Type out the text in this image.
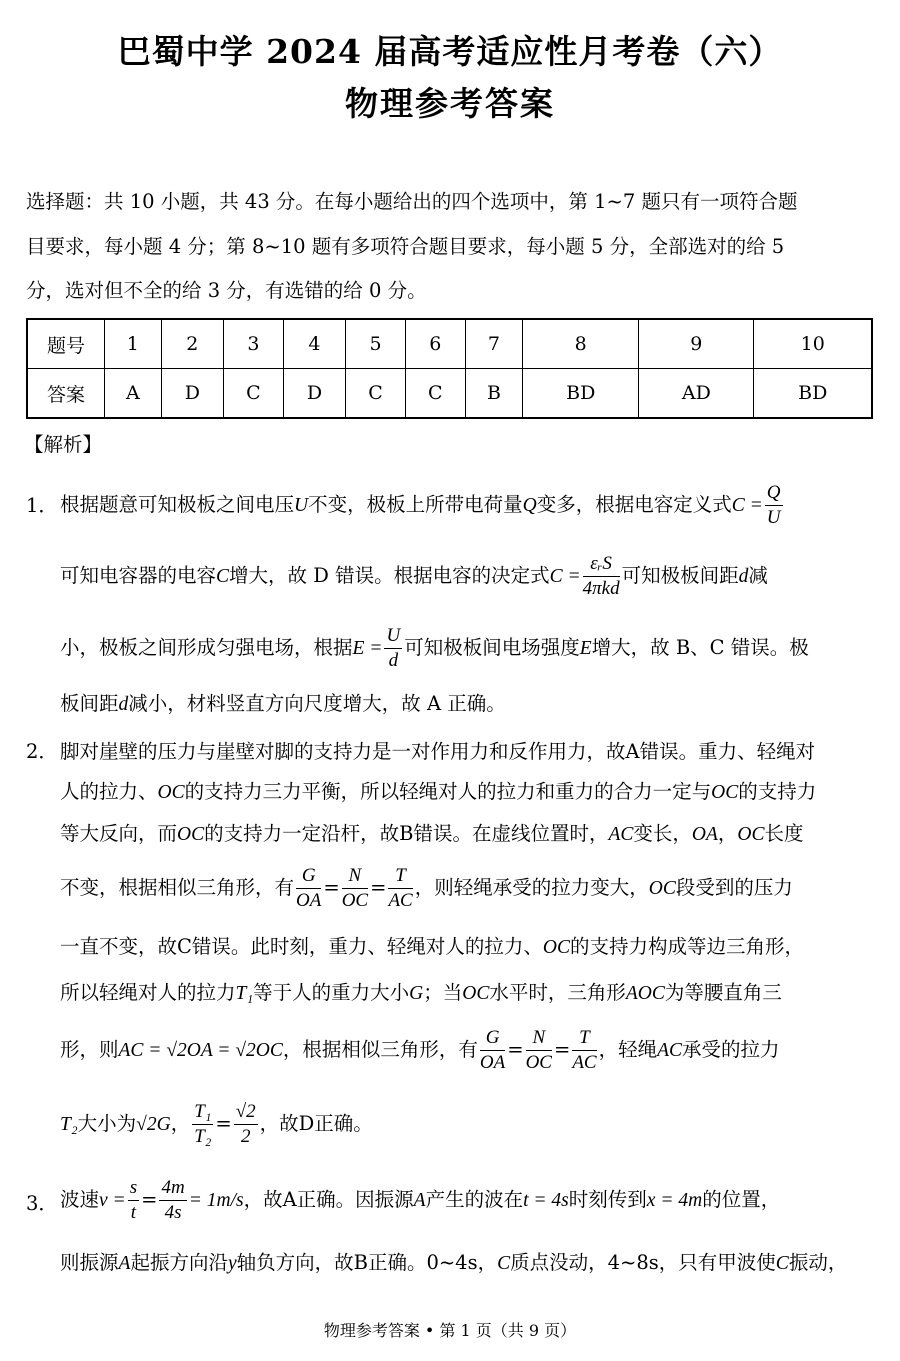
巴蜀中学 2024 届高考适应性月考卷（六）
物理参考答案
选择题：共 10 小题，共 43 分。在每小题给出的四个选项中，第 1~7 题只有一项符合题
目要求，每小题 4 分；第 8~10 题有多项符合题目要求，每小题 5 分，全部选对的给 5
分，选对但不全的给 3 分，有选错的给 0 分。
题号	1	2	3	4	5	6	7	8	9	10
答案	A	D	C	D	C	C	B	BD	AD	BD
【解析】
1． 根据题意可知极板之间电压U不变，极板上所带电荷量Q变多，根据电容定义式$C = \frac{Q}{U}$
可知电容器的电容C增大，故 D 错误。根据电容的决定式$C = \frac{\text{εᵣS}}{\text{4πkd}}$ 可知极板间距d减
小，极板之间形成匀强电场，根据$E = \frac{U}{d}$ 可知极板间电场强度E增大，故 B、C 错误。极
板间距d减小，材料竖直方向尺度增大，故 A 正确。
2． 脚对崖壁的压力与崖壁对脚的支持力是一对作用力和反作用力，故A错误。重力、轻绳对
人的拉力、OC的支持力三力平衡，所以轻绳对人的拉力和重力的合力一定与OC的支持力
等大反向，而OC的支持力一定沿杆，故B错误。在虚线位置时，AC变长，OA，OC长度
不变，根据相似三角形，有 $\frac{G}{OA} = \frac{N}{OC} = \frac{T}{AC}$ ，则轻绳承受的拉力变大，OC段受到的压力
一直不变，故C错误。此时刻，重力、轻绳对人的拉力、OC的支持力构成等边三角形，
所以轻绳对人的拉力T₁等于人的重力大小G；当OC水平时，三角形AOC为等腰直角三
形，则AC = √2OA = √2OC，根据相似三角形，有 $\frac{G}{OA} = \frac{N}{OC} = \frac{T}{AC}$ ，轻绳AC承受的拉力
T₂大小为√2G， $\frac{\text{T₁}}{\text{T₂}} = \frac{√2}{2}$ ，故D正确。
3． 波速$v = \frac{s}{t} = \frac{4m}{4s} = 1m/s$，故A正确。因振源A产生的波在t = 4s时刻传到x = 4m的位置，
则振源A起振方向沿y轴负方向，故B正确。0~4s，C质点没动，4~8s，只有甲波使C振动，
物理参考答案 • 第 1 页（共 9 页）
